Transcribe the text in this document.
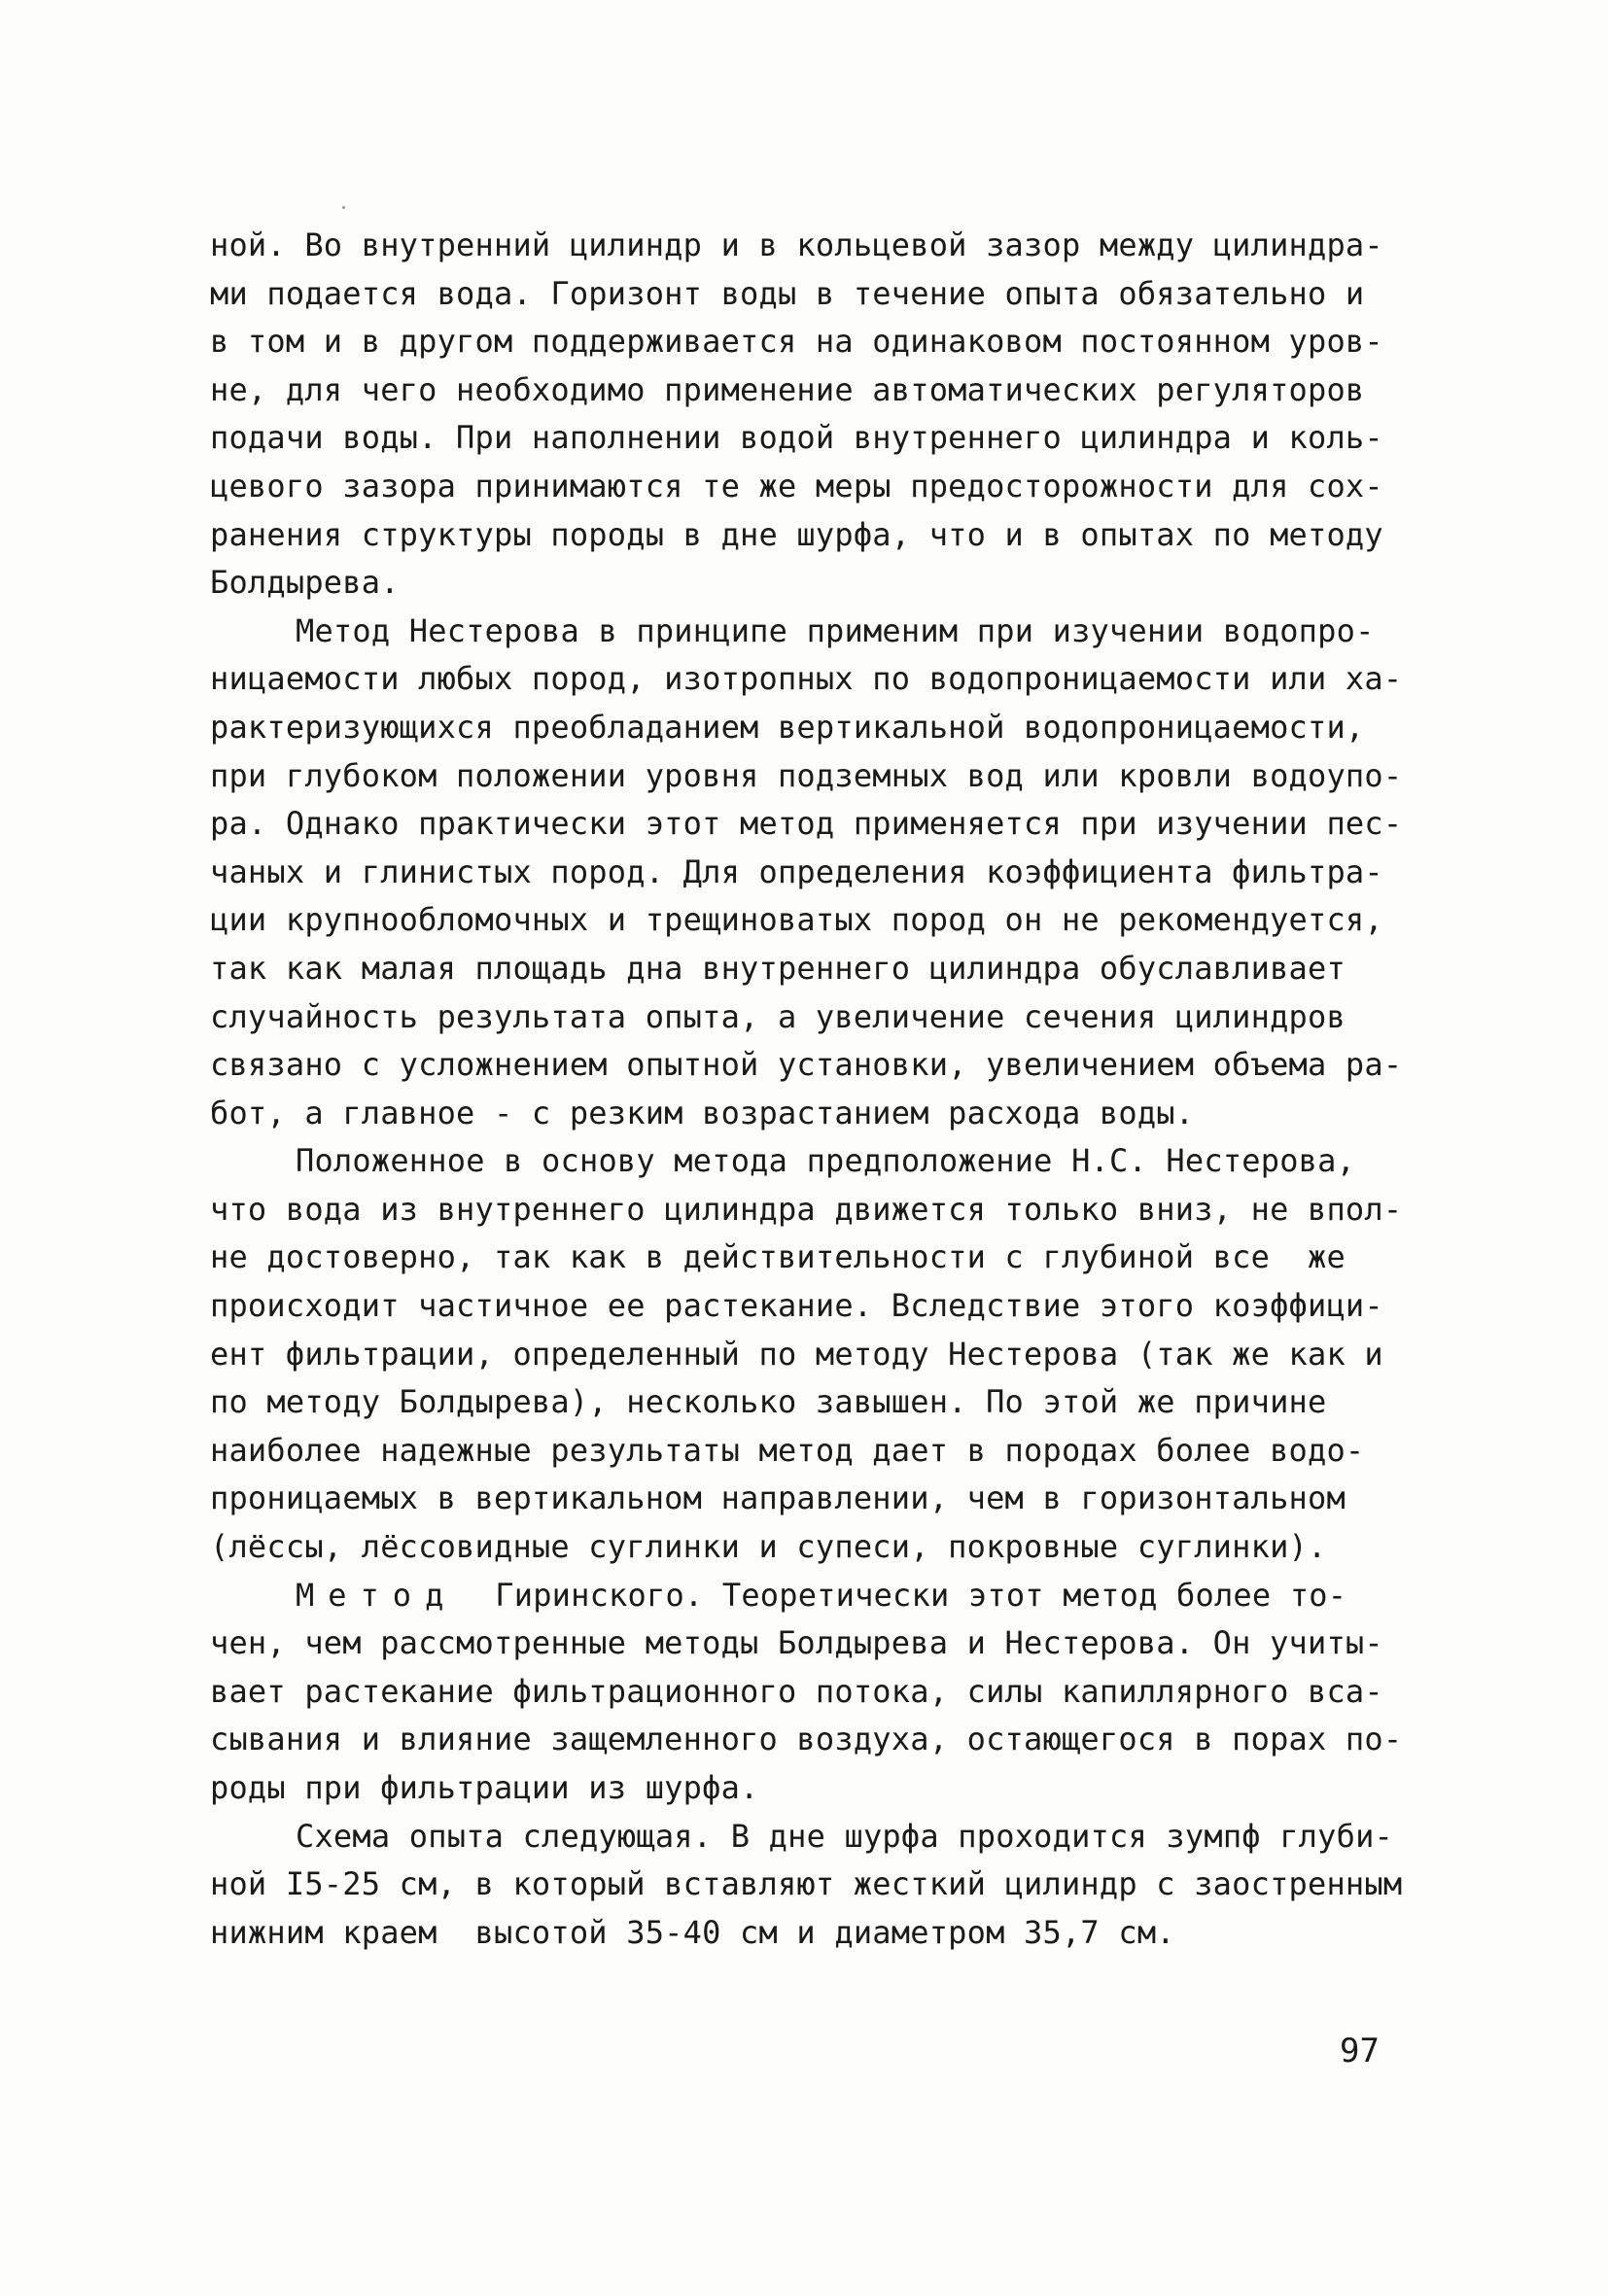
ной. Во внутренний цилиндр и в кольцевой зазор между цилиндра-
ми подается вода. Горизонт воды в течение опыта обязательно и
в том и в другом поддерживается на одинаковом постоянном уров-
не, для чего необходимо применение автоматических регуляторов
подачи воды. При наполнении водой внутреннего цилиндра и коль-
цевого зазора принимаются те же меры предосторожности для сох-
ранения структуры породы в дне шурфа, что и в опытах по методу
Болдырева.
Метод Нестерова в принципе применим при изучении водопро-
ницаемости любых пород, изотропных по водопроницаемости или ха-
рактеризующихся преобладанием вертикальной водопроницаемости,
при глубоком положении уровня подземных вод или кровли водоупо-
ра. Однако практически этот метод применяется при изучении пес-
чаных и глинистых пород. Для определения коэффициента фильтра-
ции крупнообломочных и трещиноватых пород он не рекомендуется,
так как малая площадь дна внутреннего цилиндра обуславливает
случайность результата опыта, а увеличение сечения цилиндров
связано с усложнением опытной установки, увеличением объема ра-
бот, а главное - с резким возрастанием расхода воды.
Положенное в основу метода предположение Н.С. Нестерова,
что вода из внутреннего цилиндра движется только вниз, не впол-
не достоверно, так как в действительности с глубиной все  же
происходит частичное ее растекание. Вследствие этого коэффици-
ент фильтрации, определенный по методу Нестерова (так же как и
по методу Болдырева), несколько завышен. По этой же причине
наиболее надежные результаты метод дает в породах более водо-
проницаемых в вертикальном направлении, чем в горизонтальном
(лёссы, лёссовидные суглинки и супеси, покровные суглинки).
Метод Гиринского. Теоретически этот метод более то-
чен, чем рассмотренные методы Болдырева и Нестерова. Он учиты-
вает растекание фильтрационного потока, силы капиллярного вса-
сывания и влияние защемленного воздуха, остающегося в порах по-
роды при фильтрации из шурфа.
Схема опыта следующая. В дне шурфа проходится зумпф глуби-
ной I5-25 см, в который вставляют жесткий цилиндр с заостренным
нижним краем  высотой 35-40 см и диаметром 35,7 см.
97
